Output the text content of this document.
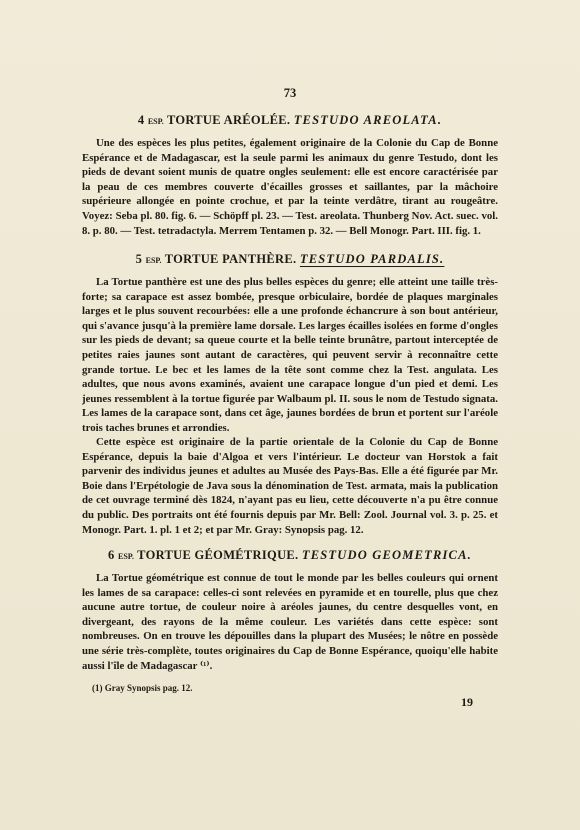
73
4 ESP. TORTUE ARÉOLÉE. TESTUDO AREOLATA.
Une des espèces les plus petites, également originaire de la Colonie du Cap de Bonne Espérance et de Madagascar, est la seule parmi les animaux du genre Testudo, dont les pieds de devant soient munis de quatre ongles seulement: elle est encore caractérisée par la peau de ces membres couverte d'écailles grosses et saillantes, par la mâchoire supérieure allongée en pointe crochue, et par la teinte verdâtre, tirant au rougeâtre. Voyez: Seba pl. 80. fig. 6. — Schöpff pl. 23. — Test. areolata. Thunberg Nov. Act. suec. vol. 8. p. 80. — Test. tetradactyla. Merrem Tentamen p. 32. — Bell Monogr. Part. III. fig. 1.
5 ESP. TORTUE PANTHÈRE. TESTUDO PARDALIS.
La Tortue panthère est une des plus belles espèces du genre; elle atteint une taille très-forte; sa carapace est assez bombée, presque orbiculaire, bordée de plaques marginales larges et le plus souvent recourbées: elle a une profonde échancrure à son bout antérieur, qui s'avance jusqu'à la première lame dorsale. Les larges écailles isolées en forme d'ongles sur les pieds de devant; sa queue courte et la belle teinte brunâtre, partout interceptée de petites raies jaunes sont autant de caractères, qui peuvent servir à reconnaître cette grande tortue. Le bec et les lames de la tête sont comme chez la Test. angulata. Les adultes, que nous avons examinés, avaient une carapace longue d'un pied et demi. Les jeunes ressemblent à la tortue figurée par Walbaum pl. II. sous le nom de Testudo signata. Les lames de la carapace sont, dans cet âge, jaunes bordées de brun et portent sur l'aréole trois taches brunes et arrondies.
Cette espèce est originaire de la partie orientale de la Colonie du Cap de Bonne Espérance, depuis la baie d'Algoa et vers l'intérieur. Le docteur van Horstok a fait parvenir des individus jeunes et adultes au Musée des Pays-Bas. Elle a été figurée par Mr. Boie dans l'Erpétologie de Java sous la dénomination de Test. armata, mais la publication de cet ouvrage terminé dès 1824, n'ayant pas eu lieu, cette découverte n'a pu être connue du public. Des portraits ont été fournis depuis par Mr. Bell: Zool. Journal vol. 3. p. 25. et Monogr. Part. 1. pl. 1 et 2; et par Mr. Gray: Synopsis pag. 12.
6 ESP. TORTUE GÉOMÉTRIQUE. TESTUDO GEOMETRICA.
La Tortue géométrique est connue de tout le monde par les belles couleurs qui ornent les lames de sa carapace: celles-ci sont relevées en pyramide et en tourelle, plus que chez aucune autre tortue, de couleur noire à aréoles jaunes, du centre desquelles vont, en divergeant, des rayons de la même couleur. Les variétés dans cette espèce: sont nombreuses. On en trouve les dépouilles dans la plupart des Musées; le nôtre en possède une série très-complète, toutes originaires du Cap de Bonne Espérance, quoiqu'elle habite aussi l'île de Madagascar ⁽¹⁾.
(1) Gray Synopsis pag. 12.
19
